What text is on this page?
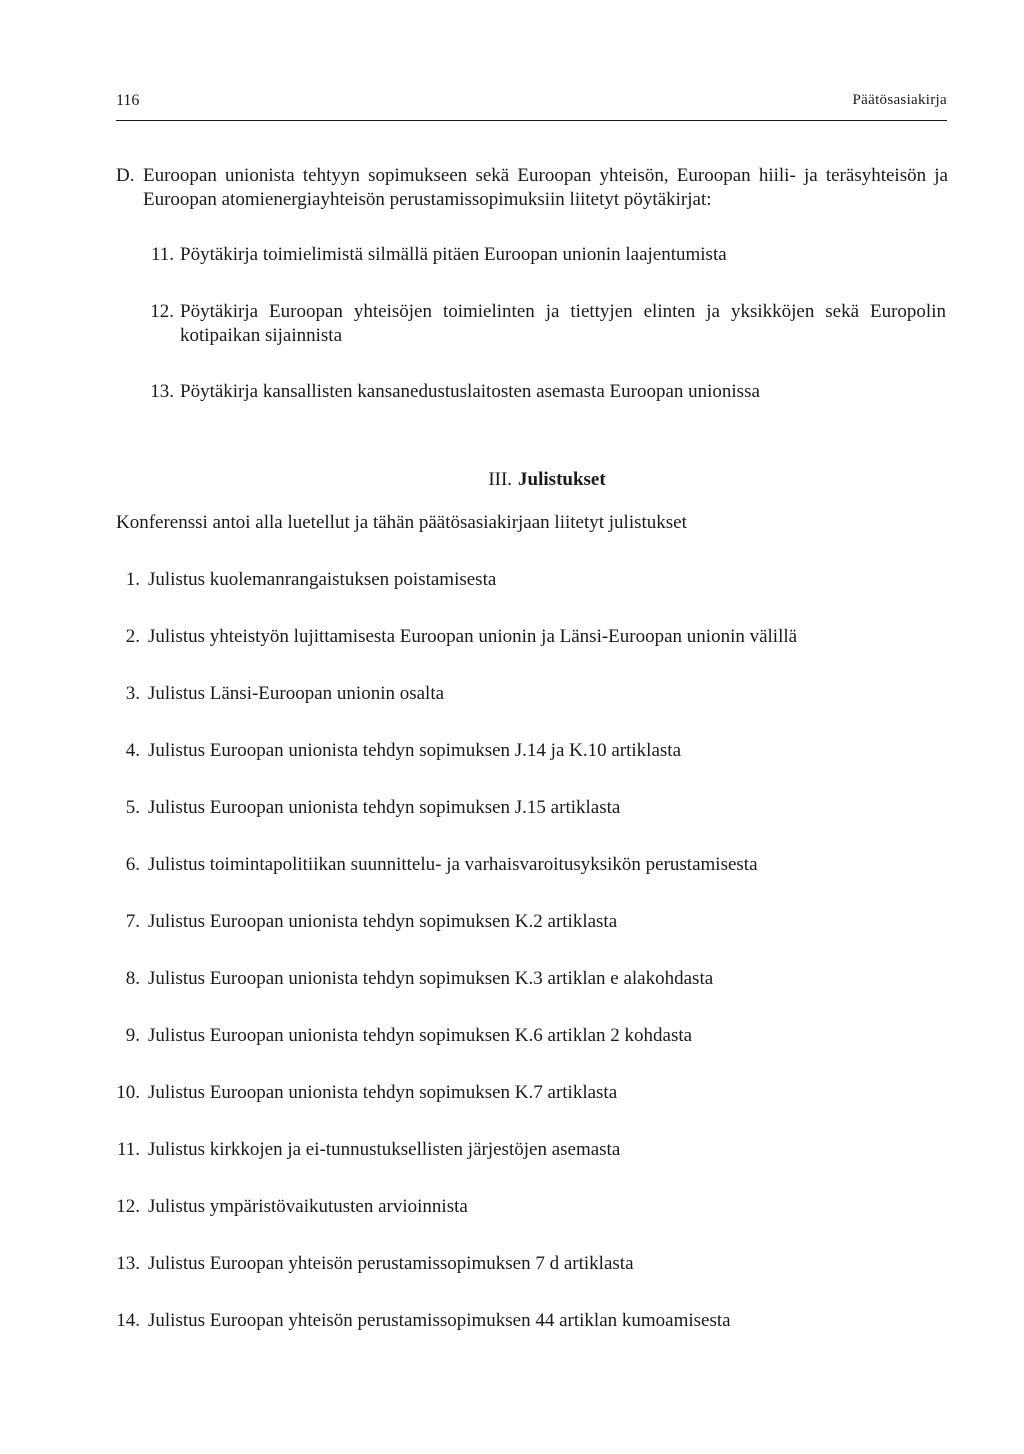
116	Päätösasiakirja
D. Euroopan unionista tehtyyn sopimukseen sekä Euroopan yhteisön, Euroopan hiili- ja teräsyhteisön ja Euroopan atomienergiayhteisön perustamissopimuksiin liitetyt pöytäkirjat:
11. Pöytäkirja toimielimistä silmällä pitäen Euroopan unionin laajentumista
12. Pöytäkirja Euroopan yhteisöjen toimielinten ja tiettyjen elinten ja yksikköjen sekä Europolin kotipaikan sijainnista
13. Pöytäkirja kansallisten kansanedustuslaitosten asemasta Euroopan unionissa
III. Julistukset
Konferenssi antoi alla luetellut ja tähän päätösasiakirjaan liitetyt julistukset
1. Julistus kuolemanrangaistuksen poistamisesta
2. Julistus yhteistyön lujittamisesta Euroopan unionin ja Länsi-Euroopan unionin välillä
3. Julistus Länsi-Euroopan unionin osalta
4. Julistus Euroopan unionista tehdyn sopimuksen J.14 ja K.10 artiklasta
5. Julistus Euroopan unionista tehdyn sopimuksen J.15 artiklasta
6. Julistus toimintapolitiikan suunnittelu- ja varhaisvaroitusyksikön perustamisesta
7. Julistus Euroopan unionista tehdyn sopimuksen K.2 artiklasta
8. Julistus Euroopan unionista tehdyn sopimuksen K.3 artiklan e alakohdasta
9. Julistus Euroopan unionista tehdyn sopimuksen K.6 artiklan 2 kohdasta
10. Julistus Euroopan unionista tehdyn sopimuksen K.7 artiklasta
11. Julistus kirkkojen ja ei-tunnustuksellisten järjestöjen asemasta
12. Julistus ympäristövaikutusten arvioinnista
13. Julistus Euroopan yhteisön perustamissopimuksen 7 d artiklasta
14. Julistus Euroopan yhteisön perustamissopimuksen 44 artiklan kumoamisesta
